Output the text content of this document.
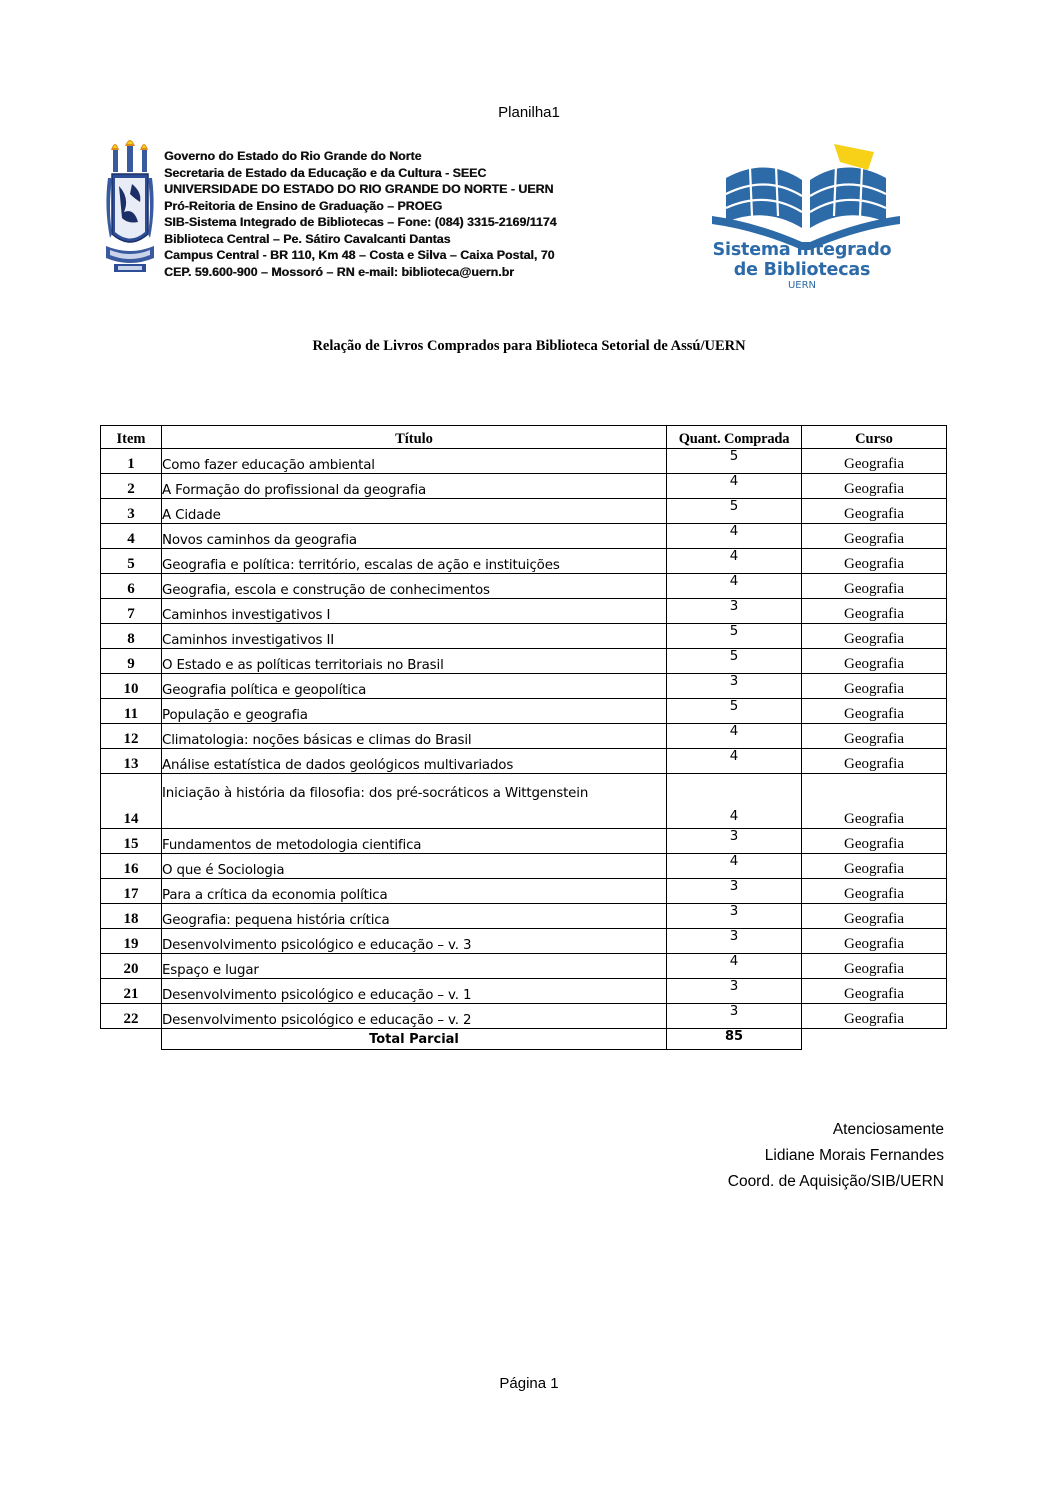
Planilha1
Governo do Estado do Rio Grande do Norte
Secretaria de Estado da Educação e da Cultura - SEEC
UNIVERSIDADE DO ESTADO DO RIO GRANDE DO NORTE - UERN
Pró-Reitoria de Ensino de Graduação – PROEG
SIB-Sistema Integrado de Bibliotecas – Fone: (084) 3315-2169/1174
Biblioteca Central – Pe. Sátiro Cavalcanti Dantas
Campus Central - BR 110, Km 48 – Costa e Silva – Caixa Postal, 70
CEP. 59.600-900 – Mossoró – RN e-mail: biblioteca@uern.br
Sistema Integrado
de Bibliotecas
UERN
Relação de Livros Comprados para Biblioteca Setorial de Assú/UERN
Item	Título	Quant. Comprada	Curso
1	Como fazer educação ambiental	5	Geografia
2	A Formação do profissional da geografia	4	Geografia
3	A Cidade	5	Geografia
4	Novos caminhos da geografia	4	Geografia
5	Geografia e política: território, escalas de ação e instituições	4	Geografia
6	Geografia, escola e construção de conhecimentos	4	Geografia
7	Caminhos investigativos I	3	Geografia
8	Caminhos investigativos II	5	Geografia
9	O Estado e as políticas territoriais no Brasil	5	Geografia
10	Geografia política e geopolítica	3	Geografia
11	População e geografia	5	Geografia
12	Climatologia: noções básicas e climas do Brasil	4	Geografia
13	Análise estatística de dados geológicos multivariados	4	Geografia
14	Iniciação à história da filosofia: dos pré-socráticos a Wittgenstein	4	Geografia
15	Fundamentos de metodologia cientifica	3	Geografia
16	O que é Sociologia	4	Geografia
17	Para a crítica da economia política	3	Geografia
18	Geografia: pequena história crítica	3	Geografia
19	Desenvolvimento psicológico e educação – v. 3	3	Geografia
20	Espaço e lugar	4	Geografia
21	Desenvolvimento psicológico e educação – v. 1	3	Geografia
22	Desenvolvimento psicológico e educação – v. 2	3	Geografia
	Total Parcial	85	
Atenciosamente
Lidiane Morais Fernandes
Coord. de Aquisição/SIB/UERN
Página 1
